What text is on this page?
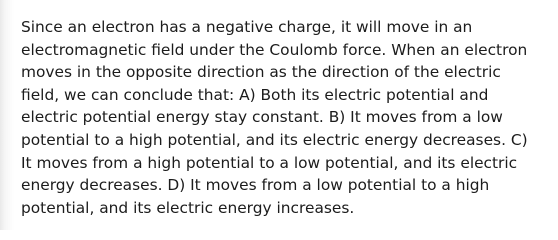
Since an electron has a negative charge, it will move in an electromagnetic field under the Coulomb force. When an electron moves in the opposite direction as the direction of the electric field, we can conclude that: A) Both its electric potential and electric potential energy stay constant. B) It moves from a low potential to a high potential, and its electric energy decreases. C) It moves from a high potential to a low potential, and its electric energy decreases. D) It moves from a low potential to a high potential, and its electric energy increases.
